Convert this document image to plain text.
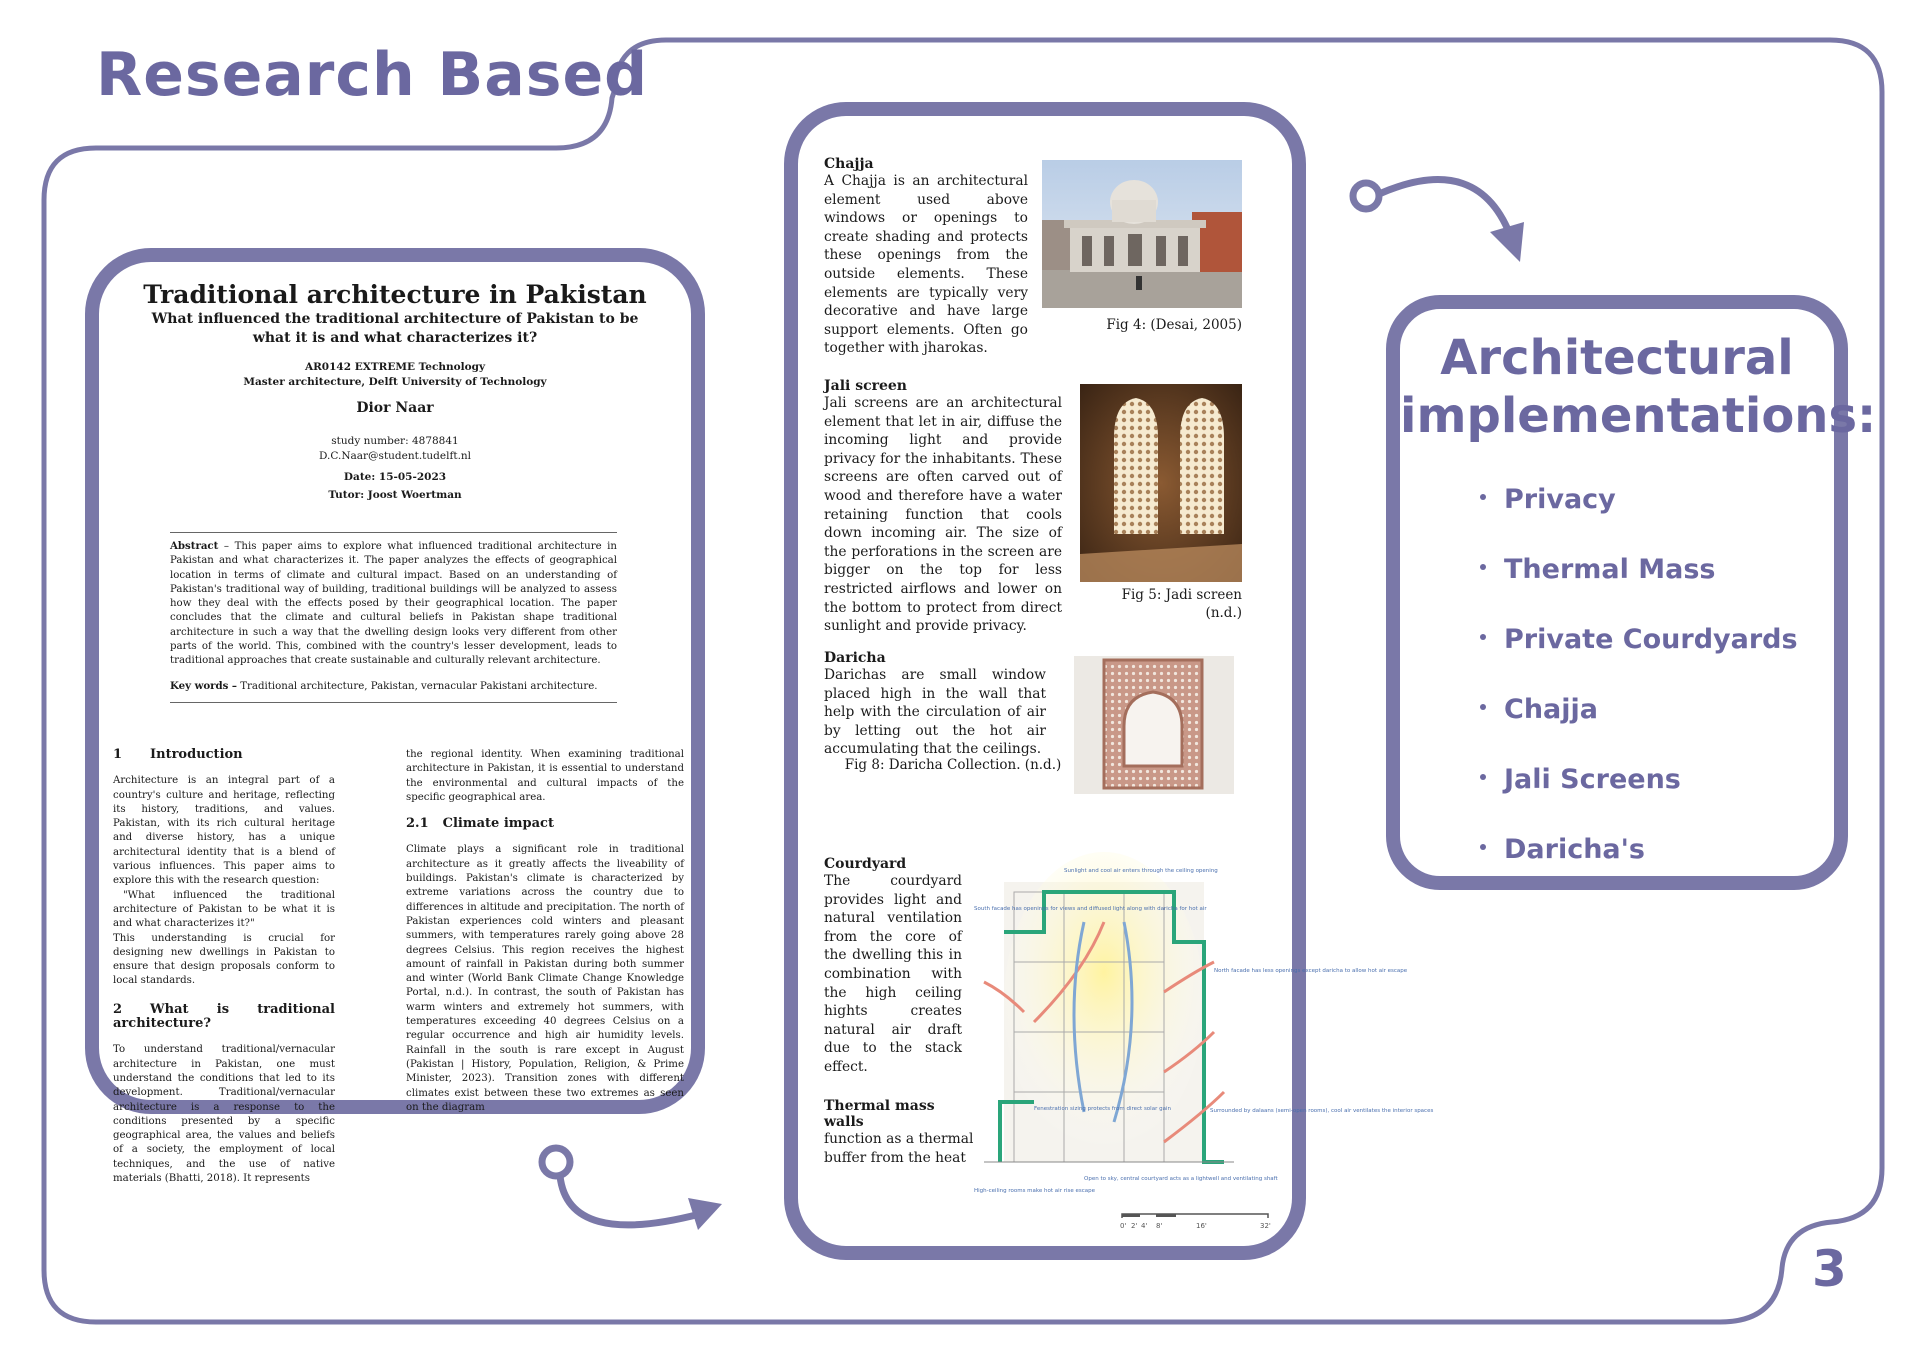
Research Based
3
Traditional architecture in Pakistan
What influenced the traditional architecture of Pakistan to be what it is and what characterizes it?
AR0142 EXTREME Technology
Master architecture, Delft University of Technology
Dior Naar
study number: 4878841
D.C.Naar@student.tudelft.nl
Date: 15-05-2023
Tutor: Joost Woertman
Abstract – This paper aims to explore what influenced traditional architecture in Pakistan and what characterizes it. The paper analyzes the effects of geographical location in terms of climate and cultural impact. Based on an understanding of Pakistan's traditional way of building, traditional buildings will be analyzed to assess how they deal with the effects posed by their geographical location. The paper concludes that the climate and cultural beliefs in Pakistan shape traditional architecture in such a way that the dwelling design looks very different from other parts of the world. This, combined with the country's lesser development, leads to traditional approaches that create sustainable and culturally relevant architecture.
Key words – Traditional architecture, Pakistan, vernacular Pakistani architecture.
1 Introduction
Architecture is an integral part of a country's culture and heritage, reflecting its history, traditions, and values. Pakistan, with its rich cultural heritage and diverse history, has a unique architectural identity that is a blend of various influences. This paper aims to explore this with the research question:
"What influenced the traditional architecture of Pakistan to be what it is and what characterizes it?"
This understanding is crucial for designing new dwellings in Pakistan to ensure that design proposals conform to local standards.
2 What is traditional architecture?
To understand traditional/vernacular architecture in Pakistan, one must understand the conditions that led to its development. Traditional/vernacular architecture is a response to the conditions presented by a specific geographical area, the values and beliefs of a society, the employment of local techniques, and the use of native materials (Bhatti, 2018). It represents
the regional identity. When examining traditional architecture in Pakistan, it is essential to understand the environmental and cultural impacts of the specific geographical area.
2.1 Climate impact
Climate plays a significant role in traditional architecture as it greatly affects the liveability of buildings. Pakistan's climate is characterized by extreme variations across the country due to differences in altitude and precipitation. The north of Pakistan experiences cold winters and pleasant summers, with temperatures rarely going above 28 degrees Celsius. This region receives the highest amount of rainfall in Pakistan during both summer and winter (World Bank Climate Change Knowledge Portal, n.d.). In contrast, the south of Pakistan has warm winters and extremely hot summers, with temperatures exceeding 40 degrees Celsius on a regular occurrence and high air humidity levels. Rainfall in the south is rare except in August (Pakistan | History, Population, Religion, & Prime Minister, 2023). Transition zones with different climates exist between these two extremes as seen on the diagram
Chajja
A Chajja is an architectural element used above windows or openings to create shading and protects these openings from the outside elements. These elements are typically very decorative and have large support elements. Often go together with jharokas.
Fig 4: (Desai, 2005)
Jali screen
Jali screens are an architectural element that let in air, diffuse the incoming light and provide privacy for the inhabitants. These screens are often carved out of wood and therefore have a water retaining function that cools down incoming air. The size of the perforations in the screen are bigger on the top for less restricted airflows and lower on the bottom to protect from direct sunlight and provide privacy.
Fig 5: Jadi screen
(n.d.)
Daricha
Darichas are small window placed high in the wall that help with the circulation of air by letting out the hot air accumulating that the ceilings.
Fig 8: Daricha Collection. (n.d.)
Courdyard
The courdyard provides light and natural ventilation from the core of the dwelling this in combination with the high ceiling hights creates natural air draft due to the stack effect.
Thermal mass walls
function as a thermal buffer from the heat
Sunlight and cool air enters through the ceiling opening
South facade has openings for views and diffused light along with daricha for hot air
North facade has less openings except daricha to allow hot air escape
Fenestration sizing protects from direct solar gain	Surrounded by dalaans (semi-open rooms), cool air ventilates the interior spaces
Open to sky, central courtyard acts as a lightwell and ventilating shaft
High-ceiling rooms make hot air rise escape
0' 2' 4' 8'	16'	32'
Architectural
implementations:
Privacy
Thermal Mass
Private Courdyards
Chajja
Jali Screens
Daricha's
